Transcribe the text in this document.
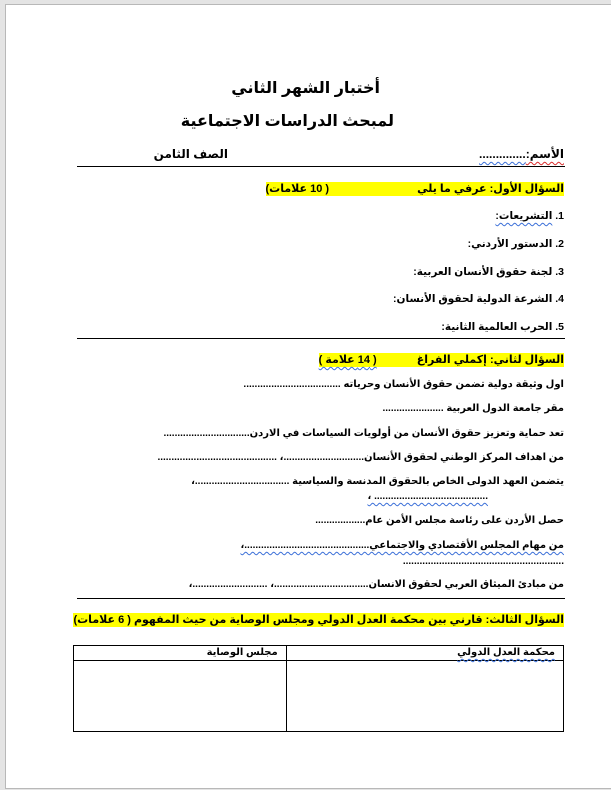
أختبار الشهر الثاني
لمبحث الدراسات الاجتماعية
الأسم:..............
الصف الثامن
السؤال الأول: عرفي ما يلي( 10 علامات)
1. التشريعات:
2. الدستور الأردني:
3. لجنة حقوق الأنسان العربية:
4. الشرعة الدولية لحقوق الأنسان:
5. الحرب العالمية الثانية:
السؤال لثاني: إكملي الفراغ( 14 علامة )
اول وثيقة دولية تضمن حقوق الأنسان وحرياته ...................................
مقر جامعة الدول العربية ......................
تعد حماية وتعزيز حقوق الأنسان من أولويات السياسات في الاردن...............................
من اهداف المركز الوطني لحقوق الأنسان.............................، ...........................................
يتضمن العهد الدولى الخاص بالحقوق المدنسة والسياسية ..................................،
......................................... ،
حصل الأردن على رئاسة مجلس الأمن عام..................
من مهام المجلس الأقتصادي والاجتماعي.............................................،
..........................................................
من مبادئ الميثاق العربي لحقوق الانسان..................................، ...........................،
السؤال الثالث: قارني بين محكمة العدل الدولي ومجلس الوصاية من حيث المفهوم ( 6 علامات)
محكمة العدل الدولي	مجلس الوصاية
